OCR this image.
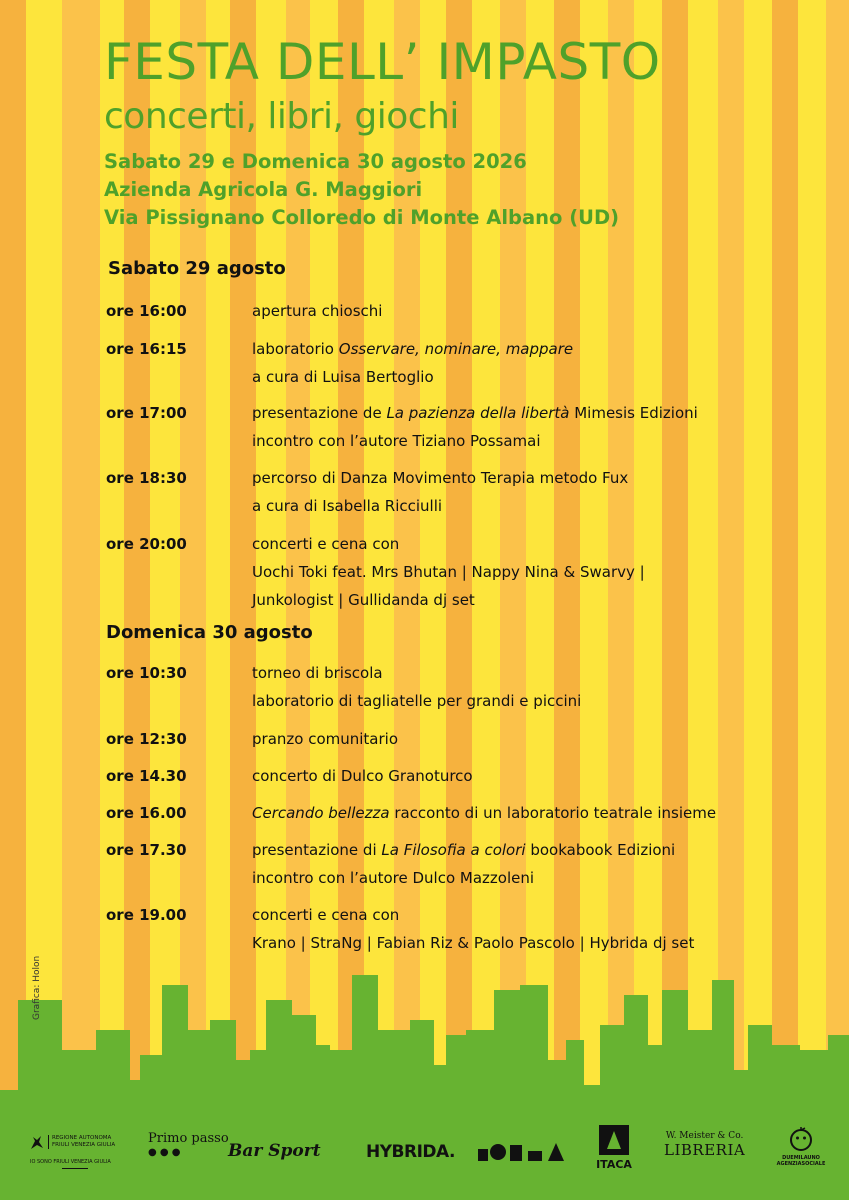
FESTA DELL’ IMPASTO
concerti, libri, giochi
Sabato 29 e Domenica 30 agosto 2026
Azienda Agricola G. Maggiori
Via Pissignano Colloredo di Monte Albano (UD)
Sabato 29 agosto
ore 16:00	apertura chioschi
ore 16:15	laboratorio Osservare, nominare, mappare
a cura di Luisa Bertoglio
ore 17:00	presentazione de La pazienza della libertà Mimesis Edizioni
incontro con l’autore Tiziano Possamai
ore 18:30	percorso di Danza Movimento Terapia metodo Fux
a cura di Isabella Ricciulli
ore 20:00	concerti e cena con
Uochi Toki feat. Mrs Bhutan | Nappy Nina & Swarvy |
Junkologist | Gullidanda dj set
Domenica 30 agosto
ore 10:30	torneo di briscola
laboratorio di tagliatelle per grandi e piccini
ore 12:30	pranzo comunitario
ore 14.30	concerto di Dulco Granoturco
ore 16.00	Cercando bellezza racconto di un laboratorio teatrale insieme
ore 17.30	presentazione di La Filosofia a colori bookabook Edizioni
incontro con l’autore Dulco Mazzoleni
ore 19.00	concerti e cena con
Krano | StraNg | Fabian Riz & Paolo Pascolo | Hybrida dj set
Grafica: Holon
REGIONE AUTONOMA
FRIULI VENEZIA GIULIA
IO SONO FRIULI VENEZIA GIULIA
Primo passo
● ● ●	Bar Sport	HYBRIDA.
ITACA
W. Meister & Co.
LIBRERIA	DUEMILAUNO
AGENZIASOCIALE
